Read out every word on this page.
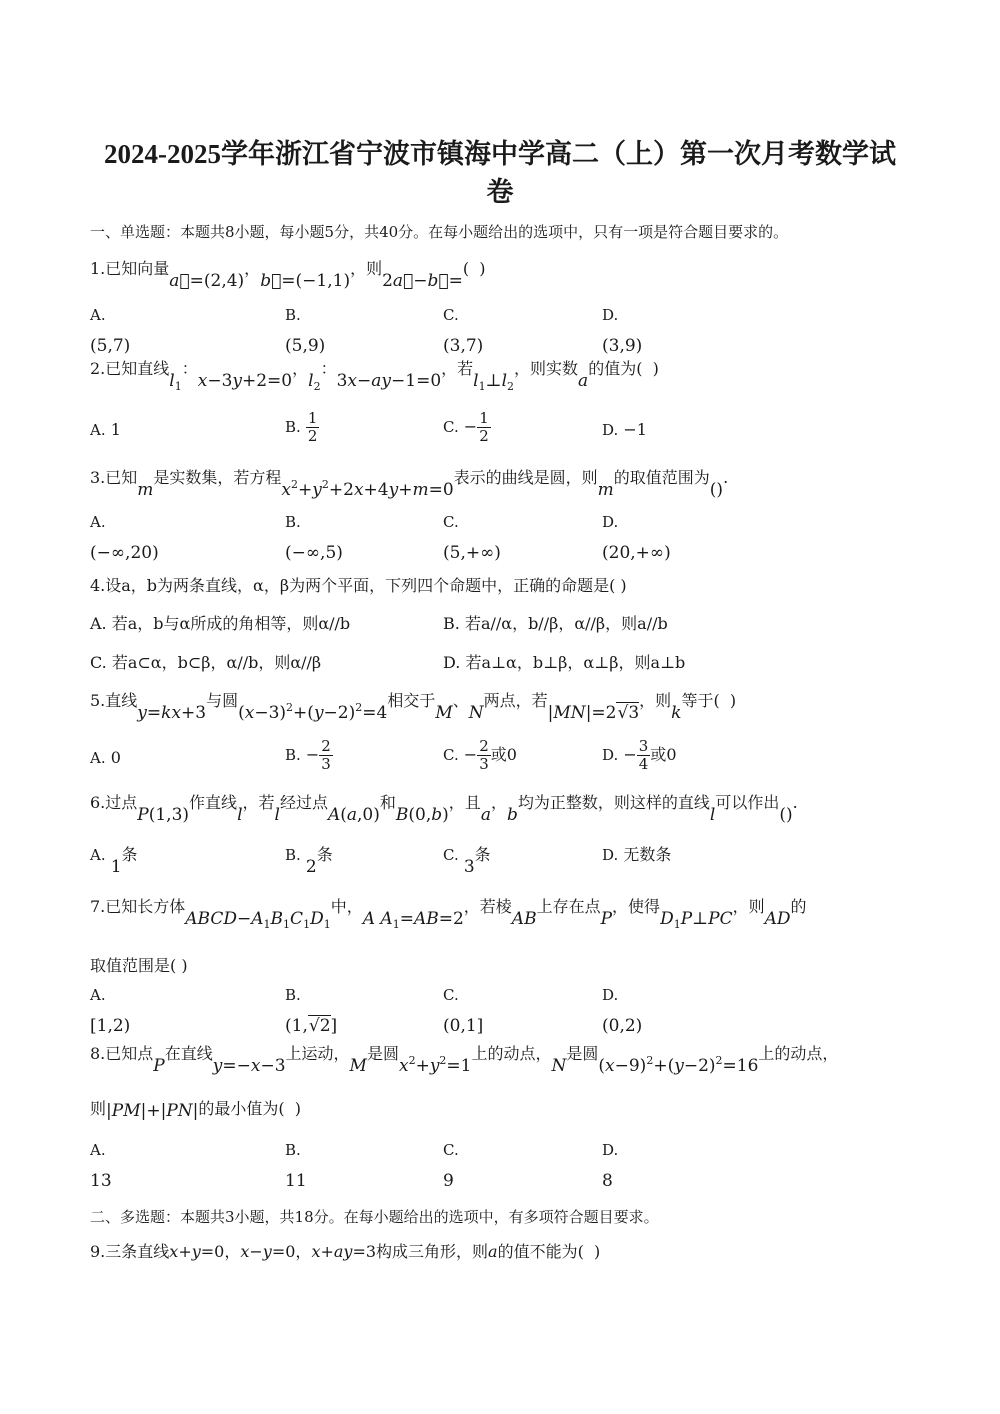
2024-2025学年浙江省宁波市镇海中学高二（上）第一次月考数学试
卷
一、单选题：本题共8小题，每小题5分，共40分。在每小题给出的选项中，只有一项是符合题目要求的。
1.已知向量a⃗=(2,4)，b⃗=(−1,1)，则2a⃗−b⃗=(  )
A.
(5,7)
B.
(5,9)
C.
(3,7)
D.
(3,9)
2.已知直线$l_1$：x−3y+2=0，$l_2$：3x−ay−1=0，若$l_1\perp l_2$，则实数a的值为(  )
A. 1	B. $\frac{1}{2}$	C. − $\frac{1}{2}$	D. −1
3.已知m是实数集，若方程$x^2+y^2+2x+4y+m=0$表示的曲线是圆，则m的取值范围为().
A.
(−∞,20)
B.
(−∞,5)
C.
(5,+∞)
D.
(20,+∞)
4.设a，b为两条直线，α，β为两个平面，下列四个命题中，正确的命题是( )
A. 若a，b与α所成的角相等，则α//b	B. 若a//α，b//β，α//β，则a//b
C. 若a⊂α，b⊂β，α//b，则α//β	D. 若a⊥α，b⊥β，α⊥β，则a⊥b
5.直线y=kx+3与圆$(x-3)^2+(y-2)^2=4$相交于M、N两点，若|MN|=2√3，则k等于(  )
A. 0	B. − $\frac{2}{3}$	C. − $\frac{2}{3}$ 或0	D. − $\frac{3}{4}$ 或0
6.过点P(1,3)作直线l，若l经过点A(a,0)和B(0,b)，且a，b均为正整数，则这样的直线l可以作出().
A. 1条	B. 2条	C. 3条	D. 无数条
7.已知长方体$ABCD-A_1B_1C_1D_1$中，A $A_1=AB=2$，若棱AB上存在点P，使得$D_1P\perp PC$，则AD的
取值范围是( )
A.
[1,2)
B.
(1,√2]
C.
(0,1]
D.
(0,2)
8.已知点P在直线y=−x−3上运动，M是圆$x^2+y^2=1$上的动点，N是圆$(x-9)^2+(y-2)^2=16$上的动点，
则|PM|+|PN|的最小值为(  )
A.
13
B.
11
C.
9
D.
8
二、多选题：本题共3小题，共18分。在每小题给出的选项中，有多项符合题目要求。
9.三条直线x+y=0，x−y=0，x+ay=3构成三角形，则a的值不能为(  )
